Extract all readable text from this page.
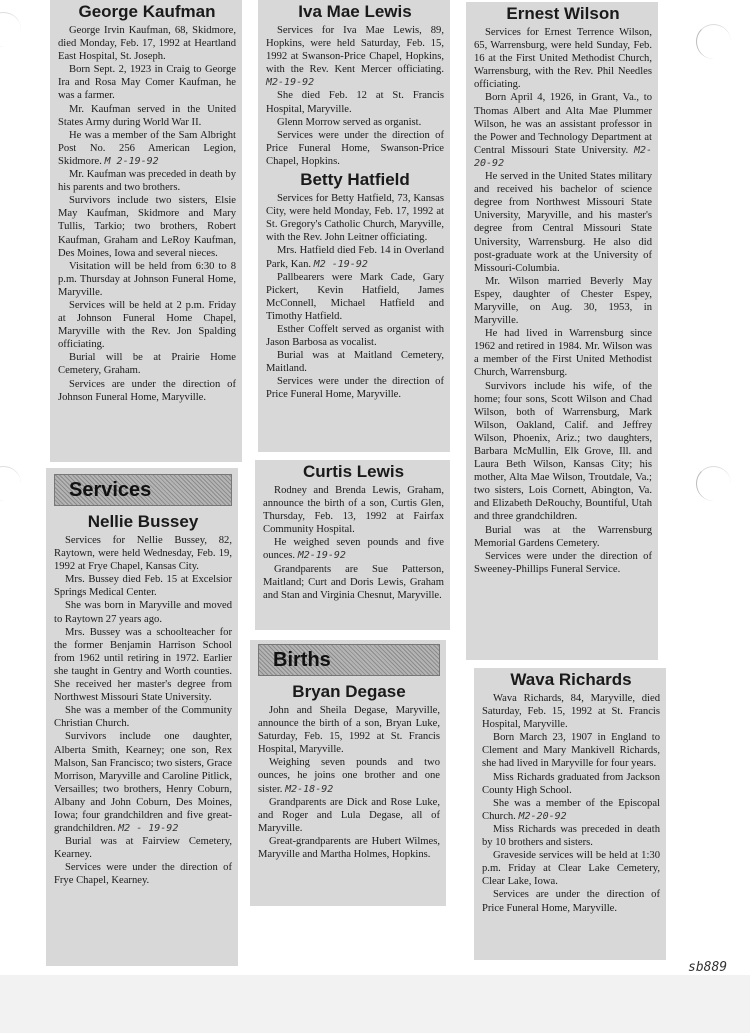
George Kaufman

George Irvin Kaufman, 68, Skidmore, died Monday, Feb. 17, 1992 at Heartland East Hospital, St. Joseph.

Born Sept. 2, 1923 in Craig to George Ira and Rosa May Comer Kaufman, he was a farmer.

Mr. Kaufman served in the United States Army during World War II.

He was a member of the Sam Albright Post No. 256 American Legion, Skidmore. M 2-19-92

Mr. Kaufman was preceded in death by his parents and two brothers.

Survivors include two sisters, Elsie May Kaufman, Skidmore and Mary Tullis, Tarkio; two brothers, Robert Kaufman, Graham and LeRoy Kaufman, Des Moines, Iowa and several nieces.

Visitation will be held from 6:30 to 8 p.m. Thursday at Johnson Funeral Home, Maryville.

Services will be held at 2 p.m. Friday at Johnson Funeral Home Chapel, Maryville with the Rev. Jon Spalding officiating.

Burial will be at Prairie Home Cemetery, Graham.

Services are under the direction of Johnson Funeral Home, Maryville.

Services
Nellie Bussey

Services for Nellie Bussey, 82, Raytown, were held Wednesday, Feb. 19, 1992 at Frye Chapel, Kansas City.

Mrs. Bussey died Feb. 15 at Excelsior Springs Medical Center.

She was born in Maryville and moved to Raytown 27 years ago.

Mrs. Bussey was a schoolteacher for the former Benjamin Harrison School from 1962 until retiring in 1972. Earlier she taught in Gentry and Worth counties. She received her master's degree from Northwest Missouri State University.

She was a member of the Community Christian Church.

Survivors include one daughter, Alberta Smith, Kearney; one son, Rex Malson, San Francisco; two sisters, Grace Morrison, Maryville and Caroline Pitlick, Versailles; two brothers, Henry Coburn, Albany and John Coburn, Des Moines, Iowa; four grandchildren and five great-grandchildren. M2 - 19-92

Burial was at Fairview Cemetery, Kearney.

Services were under the direction of Frye Chapel, Kearney.

Iva Mae Lewis

Services for Iva Mae Lewis, 89, Hopkins, were held Saturday, Feb. 15, 1992 at Swanson-Price Chapel, Hopkins, with the Rev. Kent Mercer officiating. M2-19-92

She died Feb. 12 at St. Francis Hospital, Maryville.

Glenn Morrow served as organist.

Services were under the direction of Price Funeral Home, Swanson-Price Chapel, Hopkins.

Betty Hatfield

Services for Betty Hatfield, 73, Kansas City, were held Monday, Feb. 17, 1992 at St. Gregory's Catholic Church, Maryville, with the Rev. John Leitner officiating.

Mrs. Hatfield died Feb. 14 in Overland Park, Kan. M2 -19-92

Pallbearers were Mark Cade, Gary Pickert, Kevin Hatfield, James McConnell, Michael Hatfield and Timothy Hatfield.

Esther Coffelt served as organist with Jason Barbosa as vocalist.

Burial was at Maitland Cemetery, Maitland.

Services were under the direction of Price Funeral Home, Maryville.

Curtis Lewis

Rodney and Brenda Lewis, Graham, announce the birth of a son, Curtis Glen, Thursday, Feb. 13, 1992 at Fairfax Community Hospital.

He weighed seven pounds and five ounces. M2-19-92

Grandparents are Sue Patterson, Maitland; Curt and Doris Lewis, Graham and Stan and Virginia Chesnut, Maryville.

Births
Bryan Degase

John and Sheila Degase, Maryville, announce the birth of a son, Bryan Luke, Saturday, Feb. 15, 1992 at St. Francis Hospital, Maryville.

Weighing seven pounds and two ounces, he joins one brother and one sister. M2-18-92

Grandparents are Dick and Rose Luke, and Roger and Lula Degase, all of Maryville.

Great-grandparents are Hubert Wilmes, Maryville and Martha Holmes, Hopkins.

Ernest Wilson

Services for Ernest Terrence Wilson, 65, Warrensburg, were held Sunday, Feb. 16 at the First United Methodist Church, Warrensburg, with the Rev. Phil Needles officiating.

Born April 4, 1926, in Grant, Va., to Thomas Albert and Alta Mae Plummer Wilson, he was an assistant professor in the Power and Technology Department at Central Missouri State University. M2-20-92

He served in the United States military and received his bachelor of science degree from Northwest Missouri State University, Maryville, and his master's degree from Central Missouri State University, Warrensburg. He also did post-graduate work at the University of Missouri-Columbia.

Mr. Wilson married Beverly May Espey, daughter of Chester Espey, Maryville, on Aug. 30, 1953, in Maryville.

He had lived in Warrensburg since 1962 and retired in 1984. Mr. Wilson was a member of the First United Methodist Church, Warrensburg.

Survivors include his wife, of the home; four sons, Scott Wilson and Chad Wilson, both of Warrensburg, Mark Wilson, Oakland, Calif. and Jeffrey Wilson, Phoenix, Ariz.; two daughters, Barbara McMullin, Elk Grove, Ill. and Laura Beth Wilson, Kansas City; his mother, Alta Mae Wilson, Troutdale, Va.; two sisters, Lois Cornett, Abington, Va. and Elizabeth DeRouchy, Bountiful, Utah and three grandchildren.

Burial was at the Warrensburg Memorial Gardens Cemetery.

Services were under the direction of Sweeney-Phillips Funeral Service.

Wava Richards

Wava Richards, 84, Maryville, died Saturday, Feb. 15, 1992 at St. Francis Hospital, Maryville.

Born March 23, 1907 in England to Clement and Mary Mankivell Richards, she had lived in Maryville for four years.

Miss Richards graduated from Jackson County High School.

She was a member of the Episcopal Church. M2-20-92

Miss Richards was preceded in death by 10 brothers and sisters.

Graveside services will be held at 1:30 p.m. Friday at Clear Lake Cemetery, Clear Lake, Iowa.

Services are under the direction of Price Funeral Home, Maryville.

sb889
